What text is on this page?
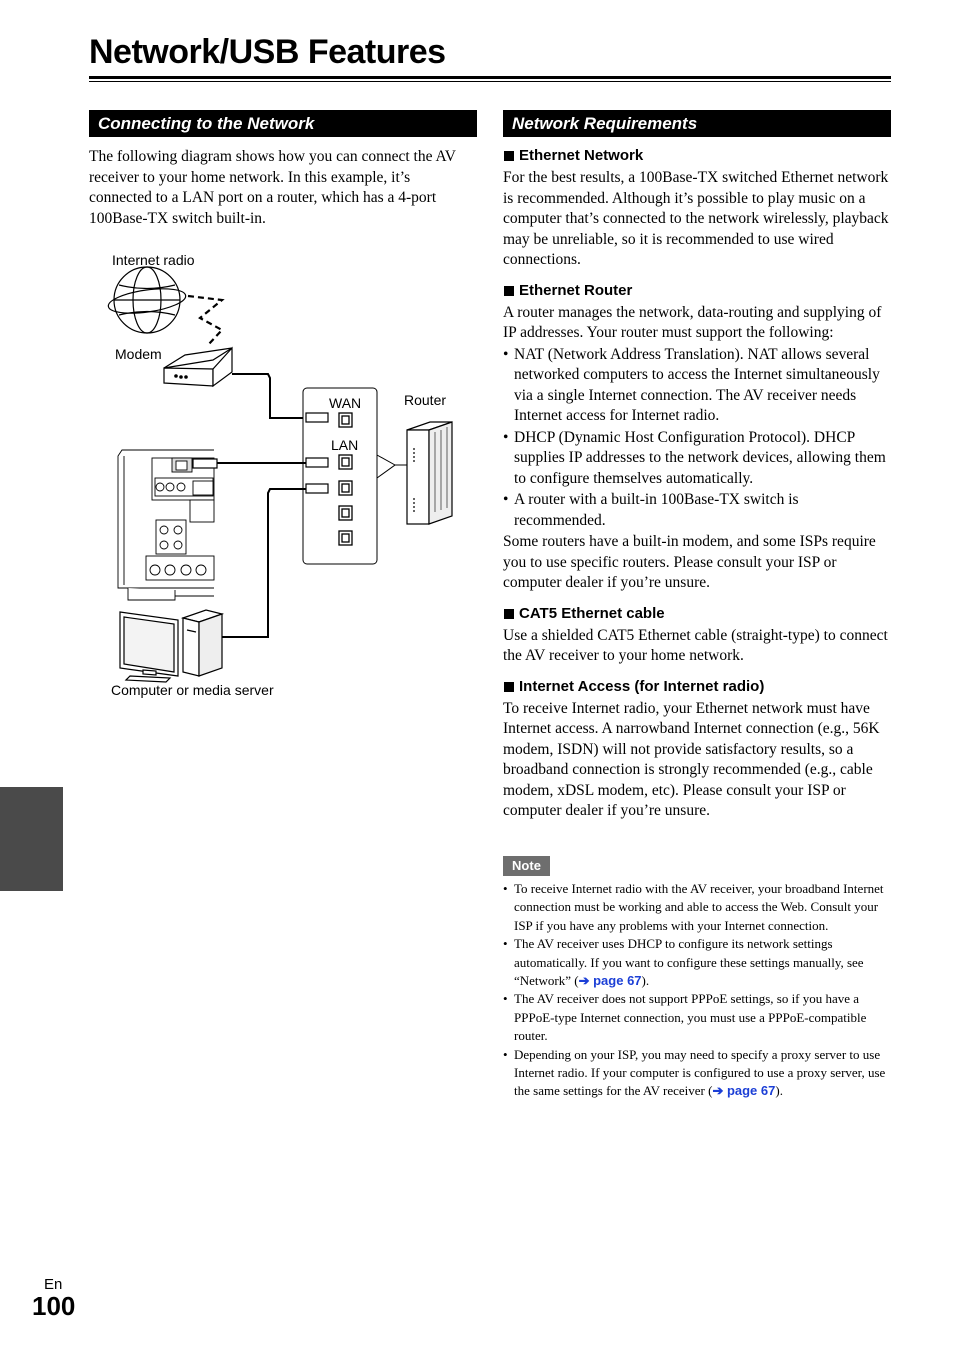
Network/USB Features
Connecting to the Network
The following diagram shows how you can connect the AV receiver to your home network. In this example, it’s connected to a LAN port on a router, which has a 4-port 100Base-TX switch built-in.
Internet radio
Modem
Router
WAN
LAN
Computer or media server
Network Requirements
Ethernet Network
For the best results, a 100Base-TX switched Ethernet network is recommended. Although it’s possible to play music on a computer that’s connected to the network wirelessly, playback may be unreliable, so it is recommended to use wired connections.
Ethernet Router
A router manages the network, data-routing and supplying of IP addresses. Your router must support the following:
• NAT (Network Address Translation). NAT allows several networked computers to access the Internet simultaneously via a single Internet connection. The AV receiver needs Internet access for Internet radio.
• DHCP (Dynamic Host Configuration Protocol). DHCP supplies IP addresses to the network devices, allowing them to configure themselves automatically.
• A router with a built-in 100Base-TX switch is recommended.
Some routers have a built-in modem, and some ISPs require you to use specific routers. Please consult your ISP or computer dealer if you’re unsure.
CAT5 Ethernet cable
Use a shielded CAT5 Ethernet cable (straight-type) to connect the AV receiver to your home network.
Internet Access (for Internet radio)
To receive Internet radio, your Ethernet network must have Internet access. A narrowband Internet connection (e.g., 56K modem, ISDN) will not provide satisfactory results, so a broadband connection is strongly recommended (e.g., cable modem, xDSL modem, etc). Please consult your ISP or computer dealer if you’re unsure.
Note
• To receive Internet radio with the AV receiver, your broadband Internet connection must be working and able to access the Web. Consult your ISP if you have any problems with your Internet connection.
• The AV receiver uses DHCP to configure its network settings automatically. If you want to configure these settings manually, see “Network” (➔ page 67).
• The AV receiver does not support PPPoE settings, so if you have a PPPoE-type Internet connection, you must use a PPPoE-compatible router.
• Depending on your ISP, you may need to specify a proxy server to use Internet radio. If your computer is configured to use a proxy server, use the same settings for the AV receiver (➔ page 67).
En
100
